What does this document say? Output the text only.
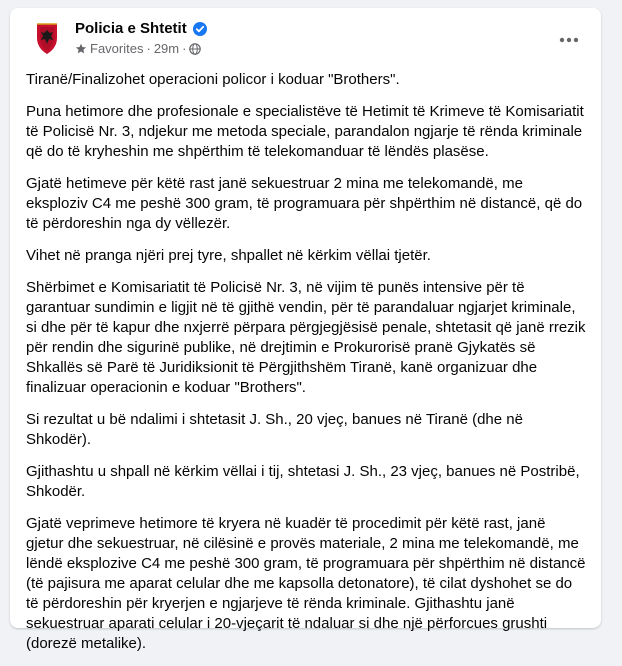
Policia e Shtetit
Favorites · 29m ·

Tiranë/Finalizohet operacioni policor i koduar "Brothers".

Puna hetimore dhe profesionale e specialistëve të Hetimit të Krimeve të Komisariatit të Policisë Nr. 3, ndjekur me metoda speciale, parandalon ngjarje të rënda kriminale që do të kryheshin me shpërthim të telekomanduar të lëndës plasëse.

Gjatë hetimeve për këtë rast janë sekuestruar 2 mina me telekomandë, me eksploziv C4 me peshë 300 gram, të programuara për shpërthim në distancë, që do të përdoreshin nga dy vëllezër.

Vihet në pranga njëri prej tyre, shpallet në kërkim vëllai tjetër.

Shërbimet e Komisariatit të Policisë Nr. 3, në vijim të punës intensive për të garantuar sundimin e ligjit në të gjithë vendin, për të parandaluar ngjarjet kriminale, si dhe për të kapur dhe nxjerrë përpara përgjegjësisë penale, shtetasit që janë rrezik për rendin dhe sigurinë publike, në drejtimin e Prokurorisë pranë Gjykatës së Shkallës së Parë të Juridiksionit të Përgjithshëm Tiranë, kanë organizuar dhe finalizuar operacionin e koduar "Brothers".

Si rezultat u bë ndalimi i shtetasit J. Sh., 20 vjeç, banues në Tiranë (dhe në Shkodër).

Gjithashtu u shpall në kërkim vëllai i tij, shtetasi J. Sh., 23 vjeç, banues në Postribë, Shkodër.

Gjatë veprimeve hetimore të kryera në kuadër të procedimit për këtë rast, janë gjetur dhe sekuestruar, në cilësinë e provës materiale, 2 mina me telekomandë, me lëndë eksplozive C4 me peshë 300 gram, të programuara për shpërthim në distancë (të pajisura me aparat celular dhe me kapsolla detonatore), të cilat dyshohet se do të përdoreshin për kryerjen e ngjarjeve të rënda kriminale. Gjithashtu janë sekuestruar aparati celular i 20-vjeçarit të ndaluar si dhe një përforcues grushti (dorezë metalike).
